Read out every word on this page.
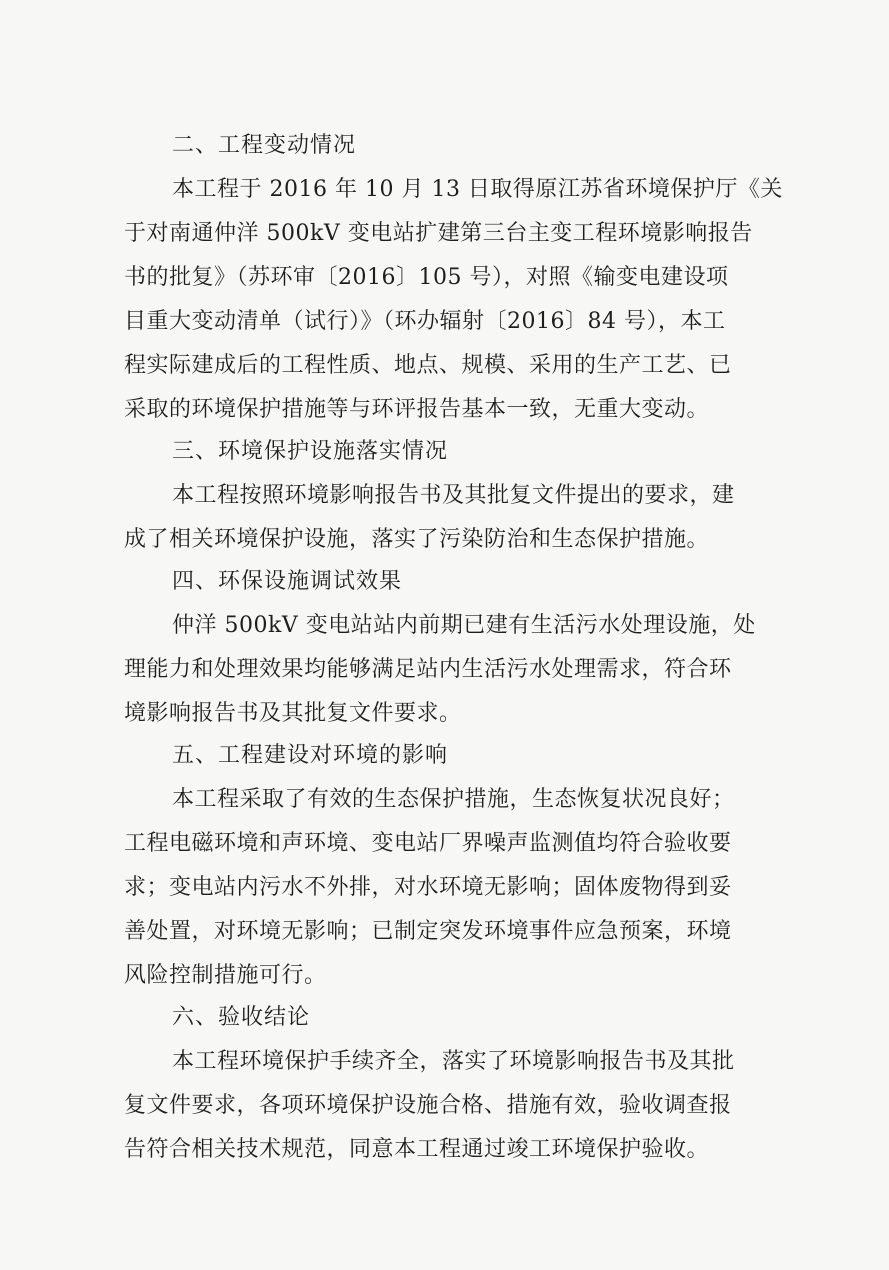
二、工程变动情况
本工程于 2016 年 10 月 13 日取得原江苏省环境保护厅《关
于对南通仲洋 500kV 变电站扩建第三台主变工程环境影响报告
书的批复》（苏环审〔2016〕105 号），对照《输变电建设项
目重大变动清单（试行）》（环办辐射〔2016〕84 号），本工
程实际建成后的工程性质、地点、规模、采用的生产工艺、已
采取的环境保护措施等与环评报告基本一致，无重大变动。
三、环境保护设施落实情况
本工程按照环境影响报告书及其批复文件提出的要求，建
成了相关环境保护设施，落实了污染防治和生态保护措施。
四、环保设施调试效果
仲洋 500kV 变电站站内前期已建有生活污水处理设施，处
理能力和处理效果均能够满足站内生活污水处理需求，符合环
境影响报告书及其批复文件要求。
五、工程建设对环境的影响
本工程采取了有效的生态保护措施，生态恢复状况良好；
工程电磁环境和声环境、变电站厂界噪声监测值均符合验收要
求；变电站内污水不外排，对水环境无影响；固体废物得到妥
善处置，对环境无影响；已制定突发环境事件应急预案，环境
风险控制措施可行。
六、验收结论
本工程环境保护手续齐全，落实了环境影响报告书及其批
复文件要求，各项环境保护设施合格、措施有效，验收调查报
告符合相关技术规范，同意本工程通过竣工环境保护验收。
